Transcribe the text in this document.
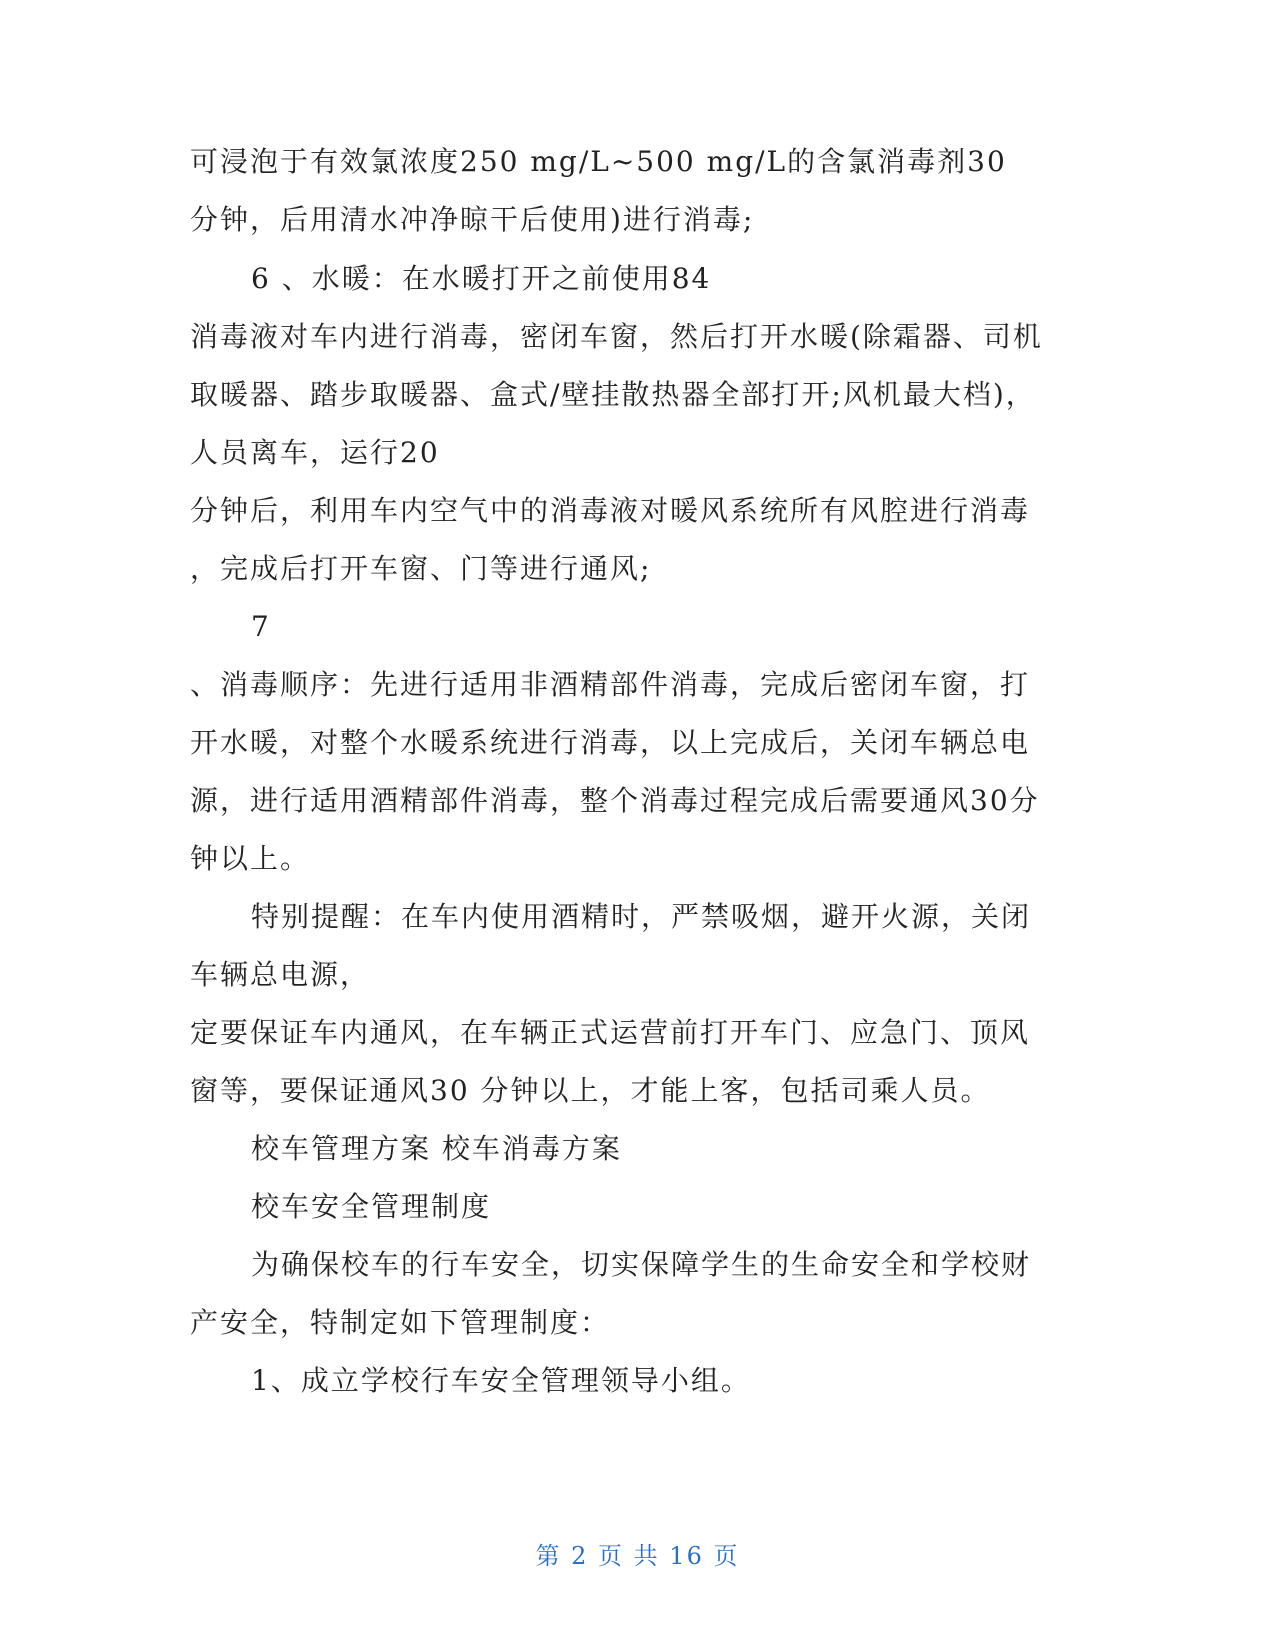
可浸泡于有效氯浓度250 mg/L~500 mg/L的含氯消毒剂30
分钟，后用清水冲净晾干后使用)进行消毒;
6 、水暖：在水暖打开之前使用84
消毒液对车内进行消毒，密闭车窗，然后打开水暖(除霜器、司机
取暖器、踏步取暖器、盒式/壁挂散热器全部打开;风机最大档)，
人员离车，运行20
分钟后，利用车内空气中的消毒液对暖风系统所有风腔进行消毒
，完成后打开车窗、门等进行通风;
7
、消毒顺序：先进行适用非酒精部件消毒，完成后密闭车窗，打
开水暖，对整个水暖系统进行消毒，以上完成后，关闭车辆总电
源，进行适用酒精部件消毒，整个消毒过程完成后需要通风30分
钟以上。
特别提醒：在车内使用酒精时，严禁吸烟，避开火源，关闭
车辆总电源，
定要保证车内通风，在车辆正式运营前打开车门、应急门、顶风
窗等，要保证通风30 分钟以上，才能上客，包括司乘人员。
校车管理方案 校车消毒方案
校车安全管理制度
为确保校车的行车安全，切实保障学生的生命安全和学校财
产安全，特制定如下管理制度：
1、成立学校行车安全管理领导小组。
第 2 页 共 16 页
